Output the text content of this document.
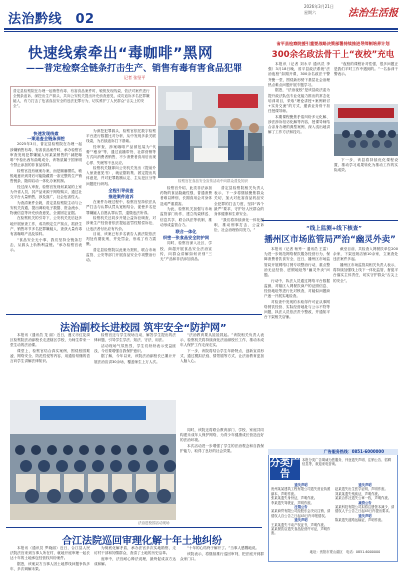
法治黔线　02
2026年3月21日
星期六	法治生活报
快速线索牵出“毒咖啡”黑网
——普定检察全链条打击生产、销售有毒有害食品犯罪
记者 张坚平
普定县检察院在办理一起销售有毒、有害食品案件时，敏锐发现线索，依法对案件进行全链条追诉，深挖出生产源头，共向公安机关提出补充侦查意见，成功追诉多名犯罪嫌疑人，有力打击了危害食品安全的违法犯罪行为，切实维护了人民群众“舌尖上的安全”。
检察官在食品安全宣传活动中向群众普及知识
快速发现线索
一案追查全链条深挖

2025年3月，普定县检察院在办理一起涉嫌销售有毒、有害食品案件时，承办检察官审查发现犯罪嫌疑人何某某销售的“减肥咖啡”中检出西布曲明成分，该物质属于国家明令禁止添加的非食品原料。

检察官没有就案办案，而是顺藤摸瓜，敏锐地意识到背后可能隐藏着一条完整的生产销售链条，随即启动一体化办案机制。

经过深入审查，检察官发现何某某的上家为外省人员，其产品来源于网络购买，通过社交平台大量销售，涉及面广，社会危害性大。

为查清案件全貌，普定县检察院主动与公安机关沟通，提出调取电子数据、资金流水、物流信息等补充侦查意见，全面固定证据。

在检察机关的引导下，公安机关先后赴多地开展侦查工作，成功锁定生产窝点，抓获生产、销售环节多名犯罪嫌疑人，查获大量有毒有害咖啡产品及原料。

“食品安全无小事，我们坚持全链条打击，从源头上斩断利益链。”承办检察官表示。

为深挖犯罪源头，检察官依托数字检察平台进行数据比对分析，从中发现多条关联线索，为后续追诉打下基础。

经审查，涉案咖啡产品被包装为“代餐”“瘦身”等，通过直播带货、社群营销等方式向消费者销售，不少消费者食用后出现心悸、失眠等不良反应。

检察机关随即向公安机关发出《提前介入侦查意见书》，就证据收集、固定提出具体意见，并对犯罪数额认定、主从犯区分等问题进行研判。

全程引导侦查
推进案件追诉

在案件办理过程中，检察官坚持依法从严打击与认罪认罚从宽相结合，促使多名犯罪嫌疑人自愿认罪认罚，退缴违法所得。

检察机关还同步开展公益诉讼调查，对涉案生产经营者依法提起惩罚性赔偿诉讼，让违法者付出应有代价。

目前，该案已有多名被告人被法院依法判处有期徒刑，并处罚金，形成了有力震慑。

普定县检察院以此案为契机，联合市场监管、公安等部门开展食品安全专项整治行动。

检察官介绍，此类非法添加药物的食品隐蔽性强，普通消费者难以辨别，长期食用会对身体造成严重损害。

为此，检察机关加强与市场监管部门协作，建立线索移送、信息共享、联合执法等机制，推动形成监管合力。

联合一体化
织密一张食品安全防护网

同时，检察官深入社区、学校、商超开展食品安全法治宣传，向群众讲解如何识别“三无”产品和非法添加食品。

普定县检察院相关负责人表示，下一步将继续聚焦群众关切，加大对危害食品药品安全犯罪的打击力度，坚持“四个最严”要求，守护好人民群众的身体健康和生命安全。

“我们将持续深化一体化履职，推动刑事打击、公益诉讼、社会治理协同发力。”

省平县检察院援引重要战略决策部署持续推进导师制培养计划
300余名政法骨干上“夜校”充电

本报讯（记者 刘永平 通讯员 李强）3月18日晚，省平县政法系统“法治夜校”如期开课，300余名政法干警齐聚一堂，围绕新形势下基层社会治理热点难点问题开展专题学习。

据悉，“法治夜校”是该县政法委为提升政法队伍专业化能力推出的常态化培训项目，采取“理论讲授+案例研讨+实务交流”的方式，邀请业务骨干担任授课导师。

本期课程聚焦矛盾纠纷多元化解、涉法涉诉信访化解等内容，授课导师结合亲身办理的典型案例，深入浅出地讲解了工作方法和技巧。

“夜校的课程针对性强，很多问题正是我们平时工作中遇到的。”一名参训干警表示。

下一步，该县将持续优化课程设置，推动学习成果转化为推动工作的实际成效。

“线上监测+线下核查”
播州区市场监管局严治“幽灵外卖”

本报讯（记者 杨秀一 通讯员 王雷）为进一步规范网络餐饮服务经营行为，保障消费者饮食安全，近日，播州区市场监管局开展网络订餐专项整治行动，重点整治无证经营、虚假地址等“幽灵外卖”问题。

行动中，执法人员通过网络平台数据监测，对辖区入网餐饮商户的证照信息、经营地址等进行比对核查，对疑似问题商户逐一开展实地检查。

对检查中发现的未取得许可证从事网络餐饮经营、实际经营地址与公示不符等问题，执法人员依法责令整改，并通知平台下架相关店铺。

截至目前，共检查入网餐饮单位200余家，下架违规店铺10余家，立案查处违法案件多起。

播州区市场监管局相关负责人表示，将持续加强线上线下一体化监管，督促平台落实主体责任，切实守护群众“舌尖上的安全”。

法治副校长进校园 筑牢安全“防护网”

本报讯（通讯员 龙 丽）近日，遵义市红花岗区检察院法治副校长走进辖区学校，为师生带来一堂生动的法治课。

课堂上，检察官结合真实案例，围绕校园欺凌、网络安全、防范性侵等内容，用通俗易懂的语言向学生讲解法律知识。

检察官还与学生现场互动，解答学生提出的法律问题，引导学生学法、知法、守法、用法。

活动现场气氛热烈，学生们纷纷表示受益匪浅，今后要增强自我保护意识。

据了解，今年以来，该院法治副校长已累计开展法治宣讲30余场，覆盖师生上万人次。

法治进校园活动现场

“法治教育要从娃娃抓起。”该院相关负责人表示，检察机关将持续深化法治副校长工作，推动未成年人保护工作走深走实。

下一步，该院将结合学生年龄特点，创新宣讲形式，通过模拟法庭、情景剧等方式，让法治教育更加入脑入心。

同时，该院还将联合教育部门、学校、家庭共同构建未成年人保护网络，为青少年健康成长营造良好的法治环境。

本次活动进一步增强了学生的法治观念和自我保护能力，取得了良好的社会效果。

合江法院巡回审理化解十年土地纠纷

本报讯（通讯员 罗晓丽）近日，合江县人民法院法官来到当事人所在村，就地开庭审理一起长达十年的土地承包经营权纠纷案件。

据悉，该案双方当事人因土地界线问题争执多年，多次调解未果。

为彻底化解矛盾，承办法官多次实地勘察，走访村干部和知情群众，查清了土地的历史沿革。

庭审中，法官耐心释法说理，最终促成双方达成和解。

“十年的心结终于解开了。”当事人感慨地说。

该院表示，将继续推行巡回审判，把法庭开到群众家门口。

广告服务热线：0851-6000000
分类广告
本报分类广告竭诚为您服务，刊登遗失声明、注销公告、招聘信息等，欢迎来电咨询。
遗失声明
贵州某某建筑工程有限公司遗失营业执照副本，声明作废。
张某某遗失身份证，声明作废。
李某遗失驾驶证，声明作废。
注销公告
某某商贸有限公司经股东会决议注销，请债权人自公告之日起45日内申报债权。
遗失声明
王某某遗失不动产权证书，声明作废。
某某餐饮店遗失食品经营许可证，声明作废。
遗失声明
赵某遗失出生医学证明，声明作废。
刘某某遗失残疾证，声明作废。
某某合作社遗失公章一枚，声明作废。
减资公告
某某科技有限公司拟将注册资本减少，请债权人于公告之日起45日内提出要求。
遗失声明
陈某遗失道路运输证，声明作废。
地址：贵阳市观山湖区　电话：0851-6000000
